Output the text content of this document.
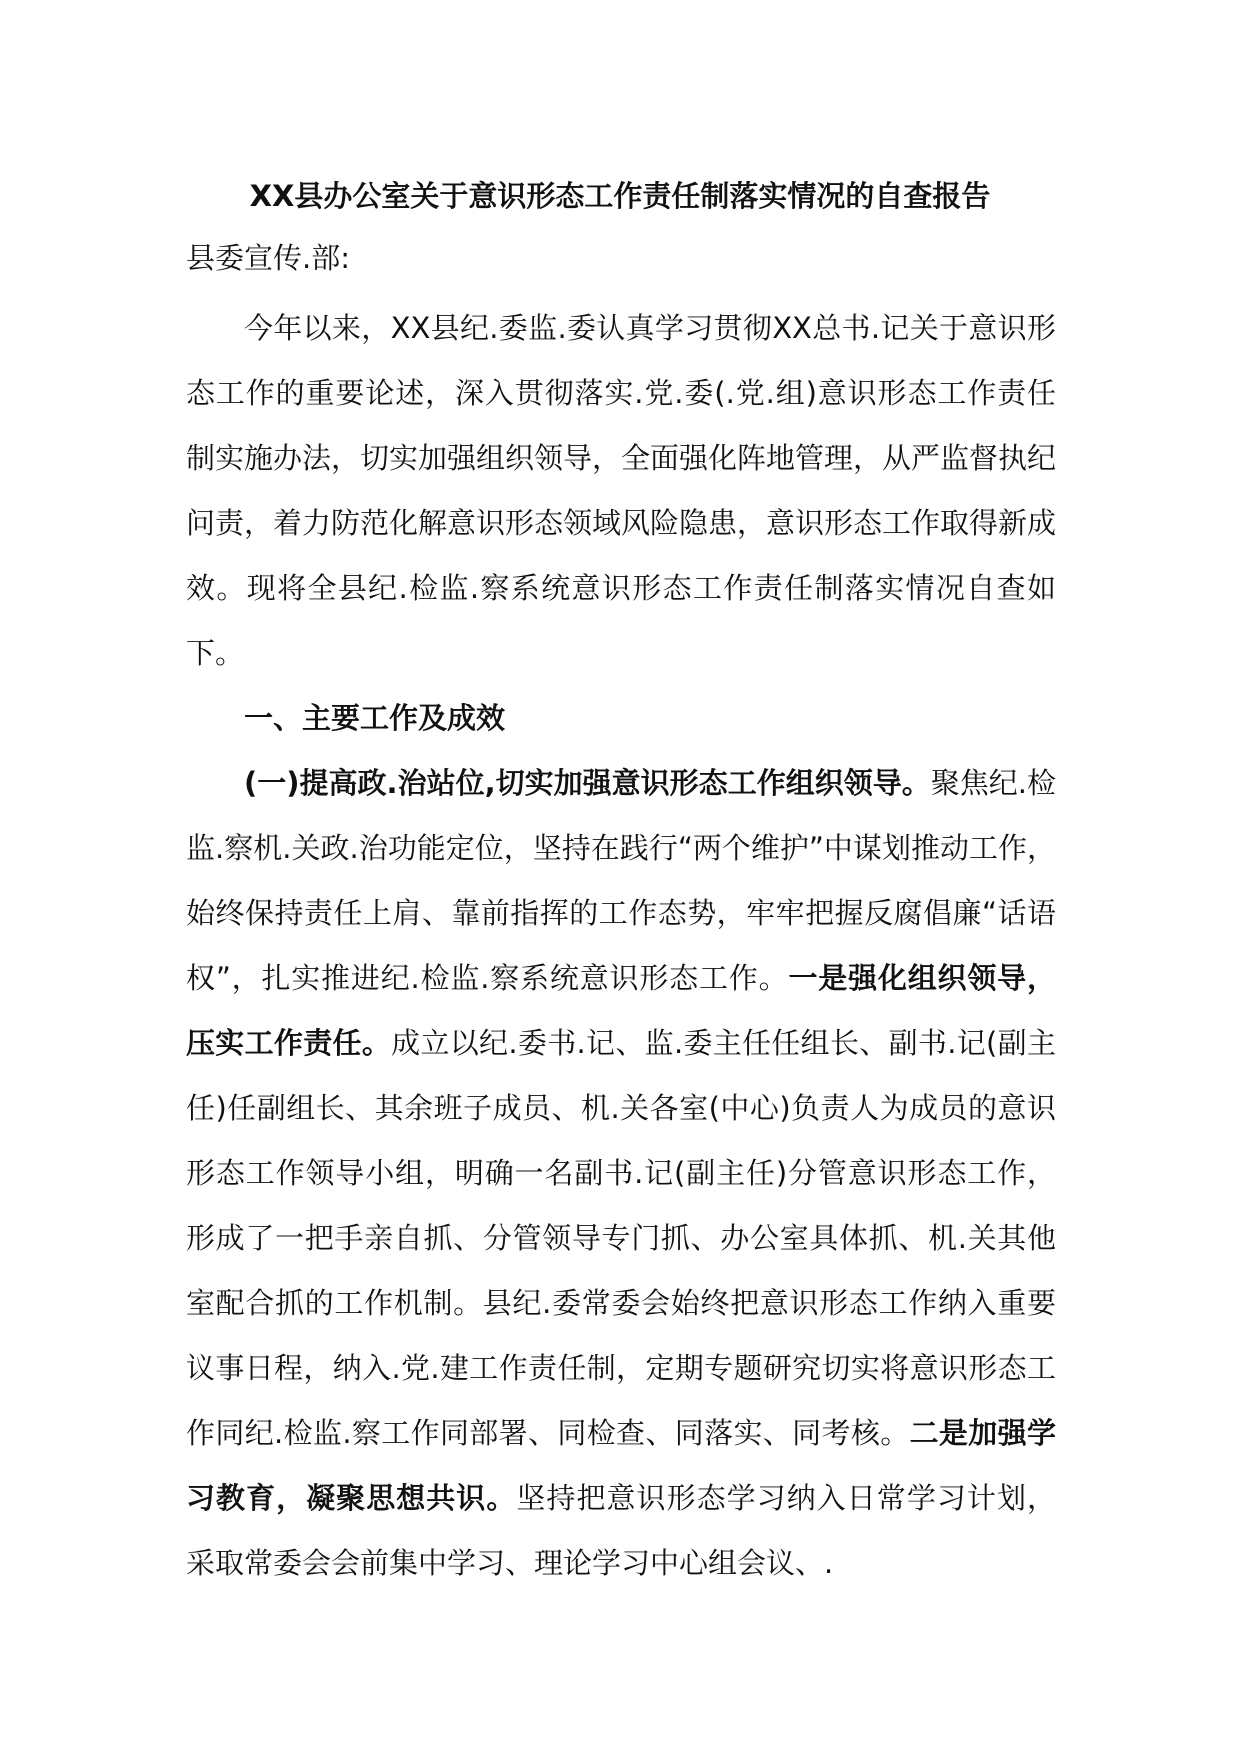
XX县办公室关于意识形态工作责任制落实情况的自查报告
县委宣传.部:

今年以来，XX县纪.委监.委认真学习贯彻XX总书.记关于意识形态工作的重要论述，深入贯彻落实.党.委(.党.组)意识形态工作责任制实施办法，切实加强组织领导，全面强化阵地管理，从严监督执纪问责，着力防范化解意识形态领域风险隐患，意识形态工作取得新成效。现将全县纪.检监.察系统意识形态工作责任制落实情况自查如下。

一、主要工作及成效

(一)提高政.治站位,切实加强意识形态工作组织领导。聚焦纪.检监.察机.关政.治功能定位，坚持在践行“两个维护”中谋划推动工作，始终保持责任上肩、靠前指挥的工作态势，牢牢把握反腐倡廉“话语权”，扎实推进纪.检监.察系统意识形态工作。一是强化组织领导，压实工作责任。成立以纪.委书.记、监.委主任任组长、副书.记(副主任)任副组长、其余班子成员、机.关各室(中心)负责人为成员的意识形态工作领导小组，明确一名副书.记(副主任)分管意识形态工作，形成了一把手亲自抓、分管领导专门抓、办公室具体抓、机.关其他室配合抓的工作机制。县纪.委常委会始终把意识形态工作纳入重要议事日程，纳入.党.建工作责任制，定期专题研究切实将意识形态工作同纪.检监.察工作同部署、同检查、同落实、同考核。二是加强学习教育，凝聚思想共识。坚持把意识形态学习纳入日常学习计划，采取常委会会前集中学习、理论学习中心组会议、.
